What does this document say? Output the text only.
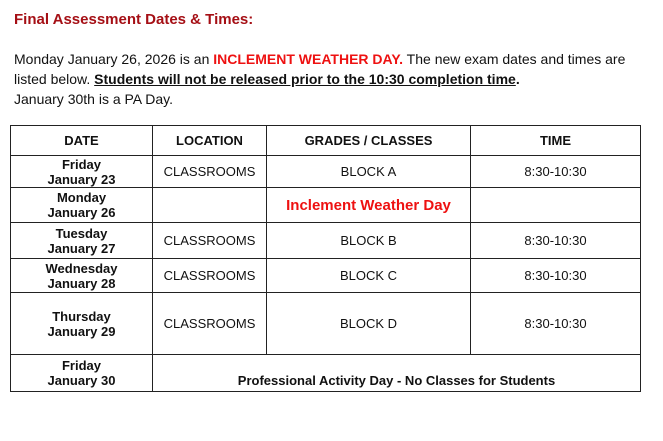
Final Assessment Dates & Times:
Monday January 26, 2026 is an INCLEMENT WEATHER DAY. The new exam dates and times are listed below. Students will not be released prior to the 10:30 completion time.
January 30th is a PA Day.
DATE	LOCATION	GRADES / CLASSES	TIME
Friday
January 23	CLASSROOMS	BLOCK A	8:30-10:30
Monday
January 26		Inclement Weather Day	
Tuesday
January 27	CLASSROOMS	BLOCK B	8:30-10:30
Wednesday
January 28	CLASSROOMS	BLOCK C	8:30-10:30
Thursday
January 29	CLASSROOMS	BLOCK D	8:30-10:30
Friday
January 30	Professional Activity Day - No Classes for Students		
